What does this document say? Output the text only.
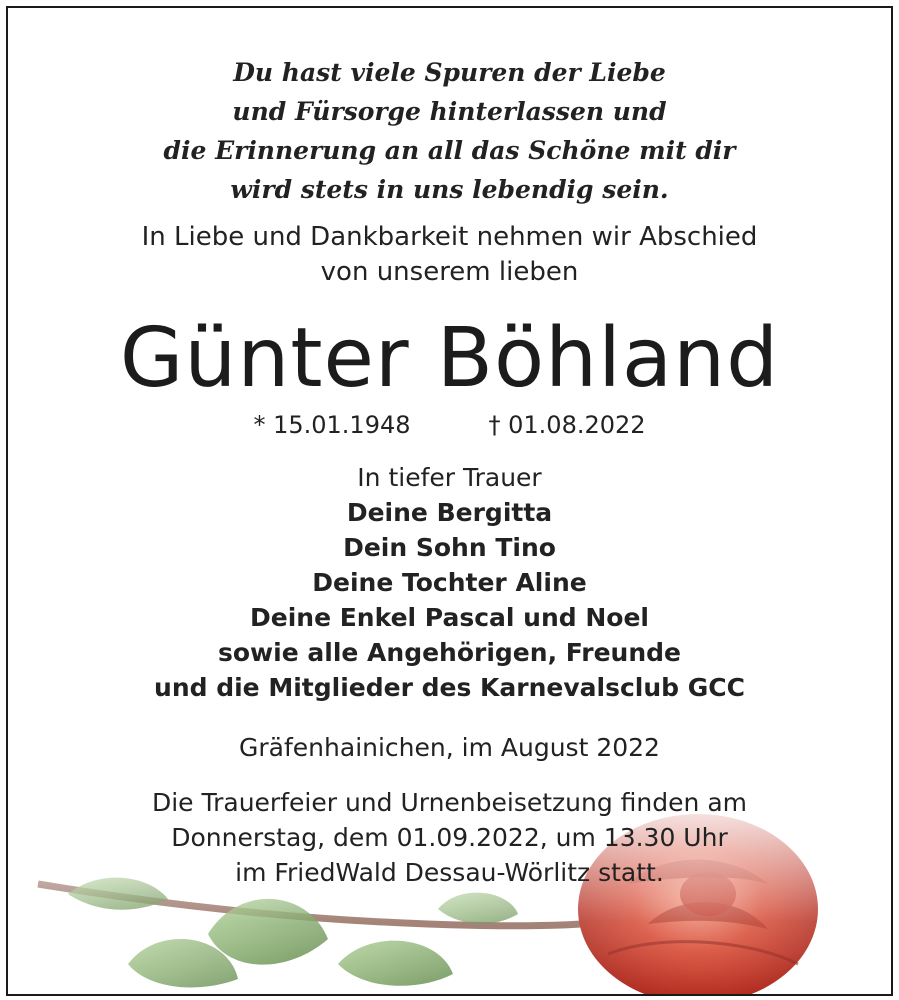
Du hast viele Spuren der Liebe
und Fürsorge hinterlassen und
die Erinnerung an all das Schöne mit dir
wird stets in uns lebendig sein.
In Liebe und Dankbarkeit nehmen wir Abschied
von unserem lieben
Günter Böhland
* 15.01.1948	† 01.08.2022
In tiefer Trauer
Deine Bergitta
Dein Sohn Tino
Deine Tochter Aline
Deine Enkel Pascal und Noel
sowie alle Angehörigen, Freunde
und die Mitglieder des Karnevalsclub GCC
Gräfenhainichen, im August 2022
Die Trauerfeier und Urnenbeisetzung finden am
Donnerstag, dem 01.09.2022, um 13.30 Uhr
im FriedWald Dessau-Wörlitz statt.
